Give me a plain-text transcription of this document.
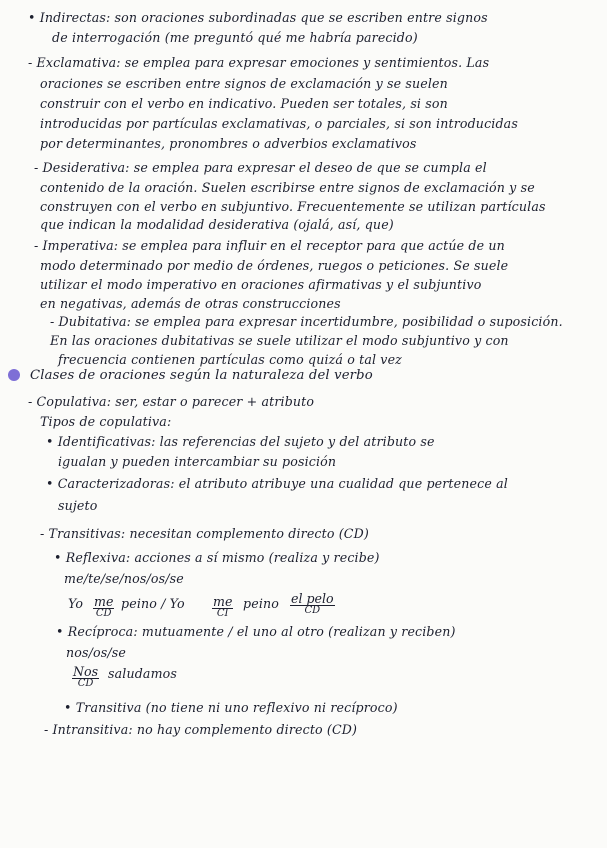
• Indirectas: son oraciones subordinadas que se escriben entre signos
de interrogación (me preguntó qué me habría parecido)
- Exclamativa: se emplea para expresar emociones y sentimientos. Las
oraciones se escriben entre signos de exclamación y se suelen
construir con el verbo en indicativo. Pueden ser totales, si son
introducidas por partículas exclamativas, o parciales, si son introducidas
por determinantes, pronombres o adverbios exclamativos
- Desiderativa: se emplea para expresar el deseo de que se cumpla el
contenido de la oración. Suelen escribirse entre signos de exclamación y se
construyen con el verbo en subjuntivo. Frecuentemente se utilizan partículas
que indican la modalidad desiderativa (ojalá, así, que)
- Imperativa: se emplea para influir en el receptor para que actúe de un
modo determinado por medio de órdenes, ruegos o peticiones. Se suele
utilizar el modo imperativo en oraciones afirmativas y el subjuntivo
en negativas, además de otras construcciones
- Dubitativa: se emplea para expresar incertidumbre, posibilidad o suposición.
En las oraciones dubitativas se suele utilizar el modo subjuntivo y con
frecuencia contienen partículas como quizá o tal vez
Clases de oraciones según la naturaleza del verbo
- Copulativa: ser, estar o parecer + atributo
Tipos de copulativa:
• Identificativas: las referencias del sujeto y del atributo se
igualan y pueden intercambiar su posición
• Caracterizadoras: el atributo atribuye una cualidad que pertenece al
sujeto
- Transitivas: necesitan complemento directo (CD)
• Reflexiva: acciones a sí mismo (realiza y recibe)
me/te/se/nos/os/se
Yo me
CD
peino / Yo me
CI
peino el pelo
CD
• Recíproca: mutuamente / el uno al otro (realizan y reciben)
nos/os/se
Nos
CD
saludamos
• Transitiva (no tiene ni uno reflexivo ni recíproco)
- Intransitiva: no hay complemento directo (CD)
